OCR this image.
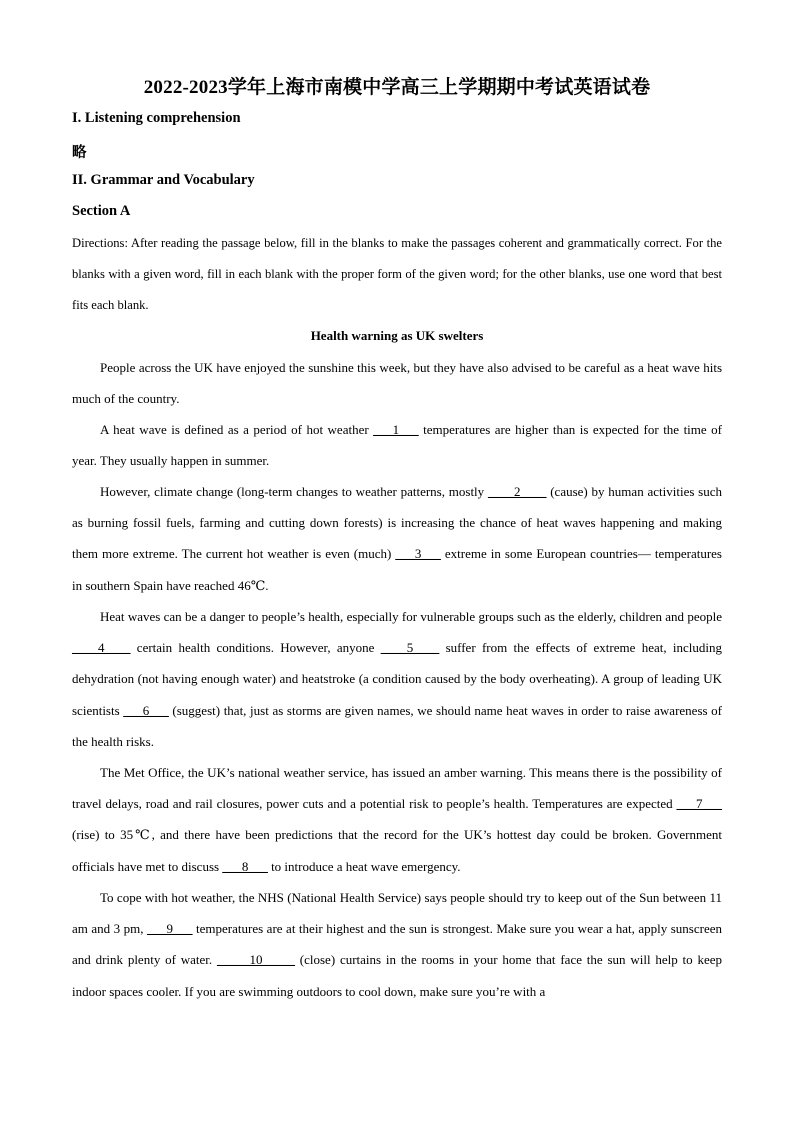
2022-2023学年上海市南模中学高三上学期期中考试英语试卷
I. Listening comprehension
略
II. Grammar and Vocabulary
Section A
Directions: After reading the passage below, fill in the blanks to make the passages coherent and grammatically correct. For the blanks with a given word, fill in each blank with the proper form of the given word; for the other blanks, use one word that best fits each blank.
Health warning as UK swelters
People across the UK have enjoyed the sunshine this week, but they have also advised to be careful as a heat wave hits much of the country.
A heat wave is defined as a period of hot weather ___1___ temperatures are higher than is expected for the time of year. They usually happen in summer.
However, climate change (long-term changes to weather patterns, mostly ____2____ (cause) by human activities such as burning fossil fuels, farming and cutting down forests) is increasing the chance of heat waves happening and making them more extreme. The current hot weather is even (much) ___3___ extreme in some European countries— temperatures in southern Spain have reached 46℃.
Heat waves can be a danger to people’s health, especially for vulnerable groups such as the elderly, children and people ____4____ certain health conditions. However, anyone ____5____ suffer from the effects of extreme heat, including dehydration (not having enough water) and heatstroke (a condition caused by the body overheating). A group of leading UK scientists ___6___ (suggest) that, just as storms are given names, we should name heat waves in order to raise awareness of the health risks.
The Met Office, the UK’s national weather service, has issued an amber warning. This means there is the possibility of travel delays, road and rail closures, power cuts and a potential risk to people’s health. Temperatures are expected ___7___ (rise) to 35℃, and there have been predictions that the record for the UK’s hottest day could be broken. Government officials have met to discuss ___8___ to introduce a heat wave emergency.
To cope with hot weather, the NHS (National Health Service) says people should try to keep out of the Sun between 11 am and 3 pm, ___9___ temperatures are at their highest and the sun is strongest. Make sure you wear a hat, apply sunscreen and drink plenty of water. _____10_____ (close) curtains in the rooms in your home that face the sun will help to keep indoor spaces cooler. If you are swimming outdoors to cool down, make sure you’re with a
